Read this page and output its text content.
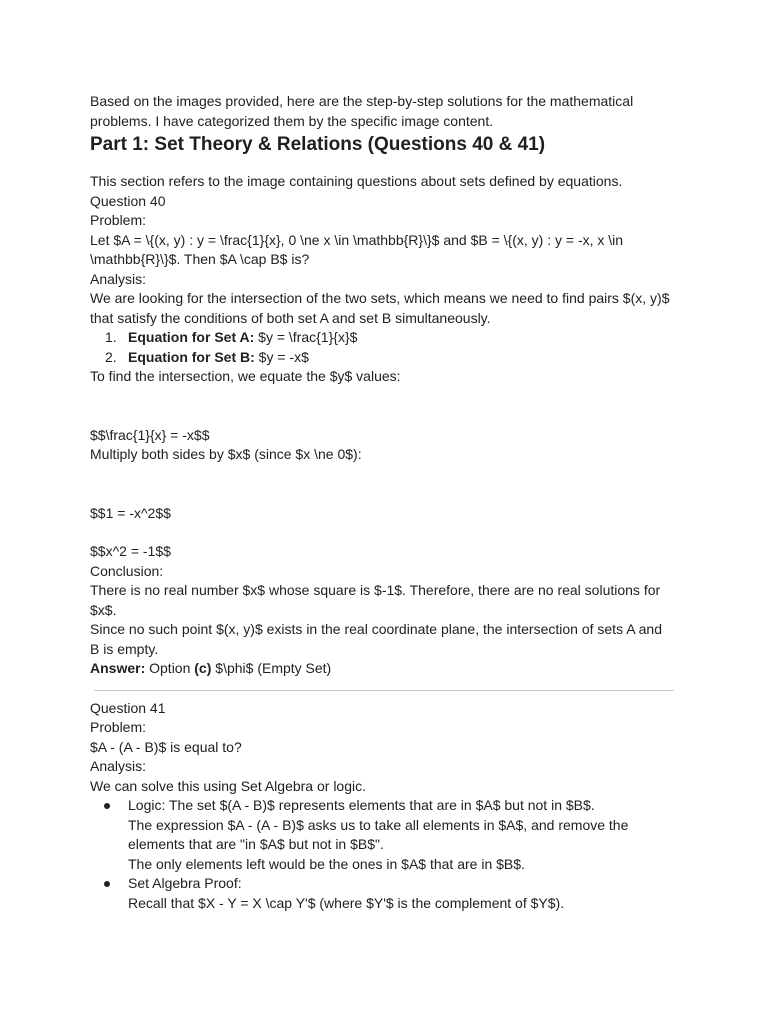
Based on the images provided, here are the step-by-step solutions for the mathematical problems. I have categorized them by the specific image content.

Part 1: Set Theory & Relations (Questions 40 & 41)

This section refers to the image containing questions about sets defined by equations.

Question 40

Problem:

Let $A = \{(x, y) : y = \frac{1}{x}, 0 \ne x \in \mathbb{R}\}$ and $B = \{(x, y) : y = -x, x \in \mathbb{R}\}$. Then $A \cap B$ is?

Analysis:

We are looking for the intersection of the two sets, which means we need to find pairs $(x, y)$ that satisfy the conditions of both set A and set B simultaneously.

1. Equation for Set A: $y = \frac{1}{x}$
2. Equation for Set B: $y = -x$

To find the intersection, we equate the $y$ values:

$$\frac{1}{x} = -x$$

Multiply both sides by $x$ (since $x \ne 0$):

$$1 = -x^2$$

$$x^2 = -1$$

Conclusion:

There is no real number $x$ whose square is $-1$. Therefore, there are no real solutions for $x$.

Since no such point $(x, y)$ exists in the real coordinate plane, the intersection of sets A and B is empty.

Answer: Option (c) $\phi$ (Empty Set)

Question 41

Problem:

$A - (A - B)$ is equal to?

Analysis:

We can solve this using Set Algebra or logic.

Logic: The set $(A - B)$ represents elements that are in $A$ but not in $B$.
The expression $A - (A - B)$ asks us to take all elements in $A$, and remove the elements that are "in $A$ but not in $B$".
The only elements left would be the ones in $A$ that are in $B$.
Set Algebra Proof:
Recall that $X - Y = X \cap Y'$ (where $Y'$ is the complement of $Y$).
